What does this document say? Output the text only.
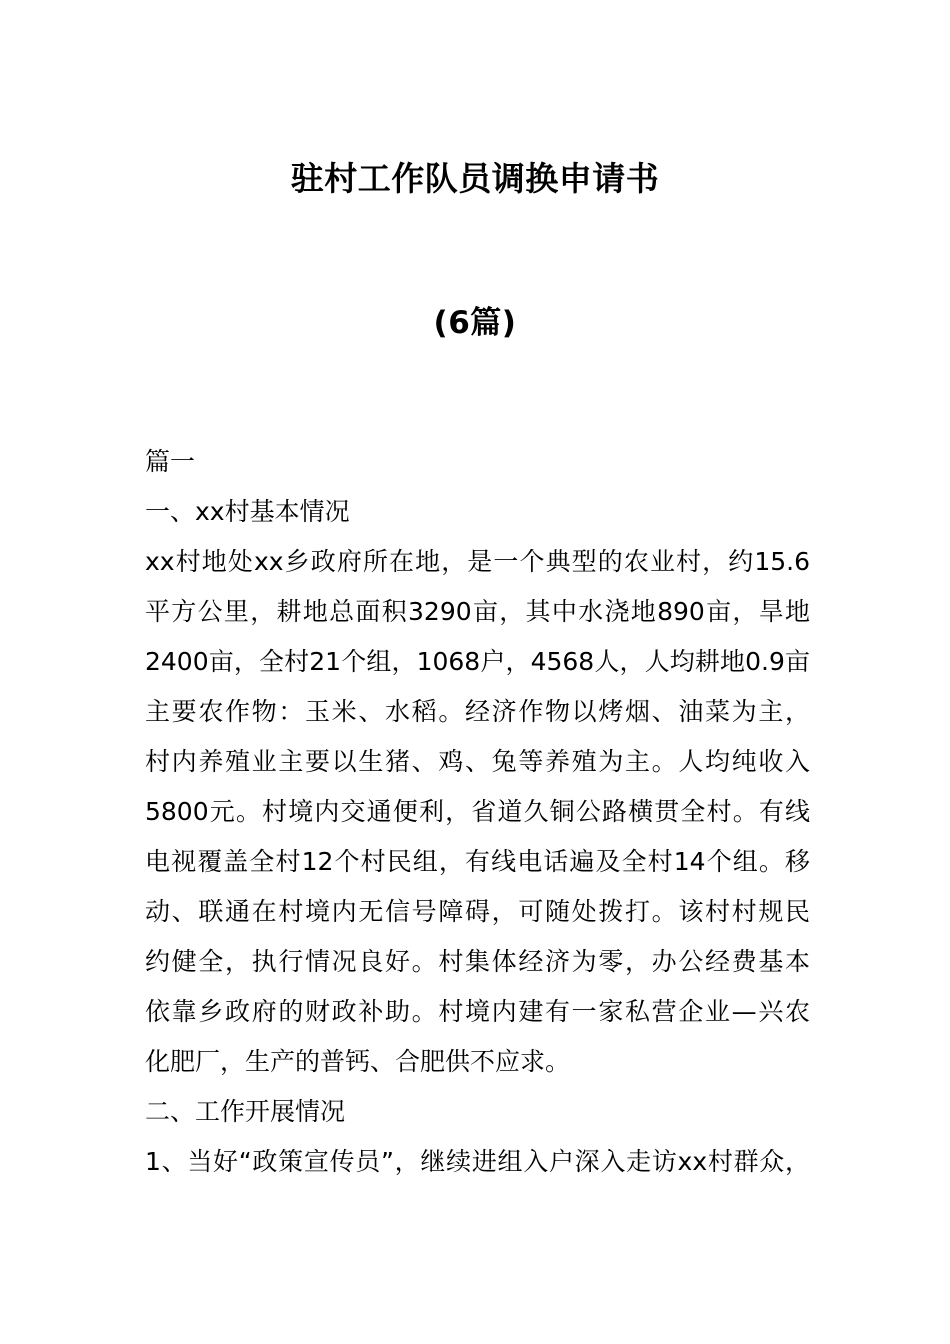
驻村工作队员调换申请书
(6篇)
篇一
一、xx村基本情况
xx村地处xx乡政府所在地，是一个典型的农业村，约15.6
平方公里，耕地总面积3290亩，其中水浇地890亩，旱地
2400亩，全村21个组，1068户，4568人，人均耕地0.9亩
主要农作物：玉米、水稻。经济作物以烤烟、油菜为主，
村内养殖业主要以生猪、鸡、兔等养殖为主。人均纯收入
5800元。村境内交通便利，省道久铜公路横贯全村。有线
电视覆盖全村12个村民组，有线电话遍及全村14个组。移
动、联通在村境内无信号障碍，可随处拨打。该村村规民
约健全，执行情况良好。村集体经济为零，办公经费基本
依靠乡政府的财政补助。村境内建有一家私营企业—兴农
化肥厂，生产的普钙、合肥供不应求。
二、工作开展情况
1、当好“政策宣传员”，继续进组入户深入走访xx村群众，
